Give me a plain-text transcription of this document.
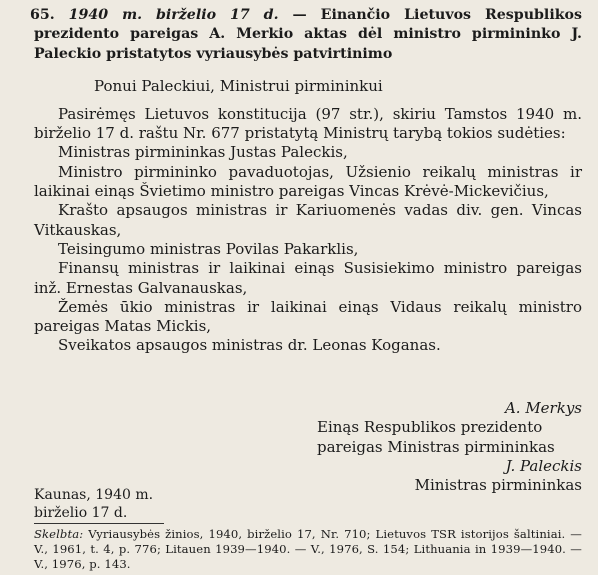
65. 1940 m. birželio 17 d. — Einančio Lietuvos Respublikos prezidento pareigas A. Merkio aktas dėl ministro pirmininko J. Paleckio pristatytos vyriausybės patvirtinimo

Ponui Paleckiui, Ministrui pirmininkui

Pasirėmęs Lietuvos konstitucija (97 str.), skiriu Tamstos 1940 m. birželio 17 d. raštu Nr. 677 pristatytą Ministrų tarybą tokios sudėties:

Ministras pirmininkas Justas Paleckis,

Ministro pirmininko pavaduotojas, Užsienio reikalų ministras ir laikinai einąs Švietimo ministro pareigas Vincas Krėvė-Mickevičius,

Krašto apsaugos ministras ir Kariuomenės vadas div. gen. Vincas Vitkauskas,

Teisingumo ministras Povilas Pakarklis,

Finansų ministras ir laikinai einąs Susisiekimo ministro pareigas inž. Ernestas Galvanauskas,

Žemės ūkio ministras ir laikinai einąs Vidaus reikalų ministro pareigas Matas Mickis,

Sveikatos apsaugos ministras dr. Leonas Koganas.

A. Merkys

Einąs Respublikos prezidento

pareigas Ministras pirmininkas

J. Paleckis

Ministras pirmininkas

Kaunas, 1940 m.
birželio 17 d.
Skelbta: Vyriausybės žinios, 1940, birželio 17, Nr. 710; Lietuvos TSR istorijos šaltiniai. — V., 1961, t. 4, p. 776; Litauen 1939—1940. — V., 1976, S. 154; Lithuania in 1939—1940. — V., 1976, p. 143.
